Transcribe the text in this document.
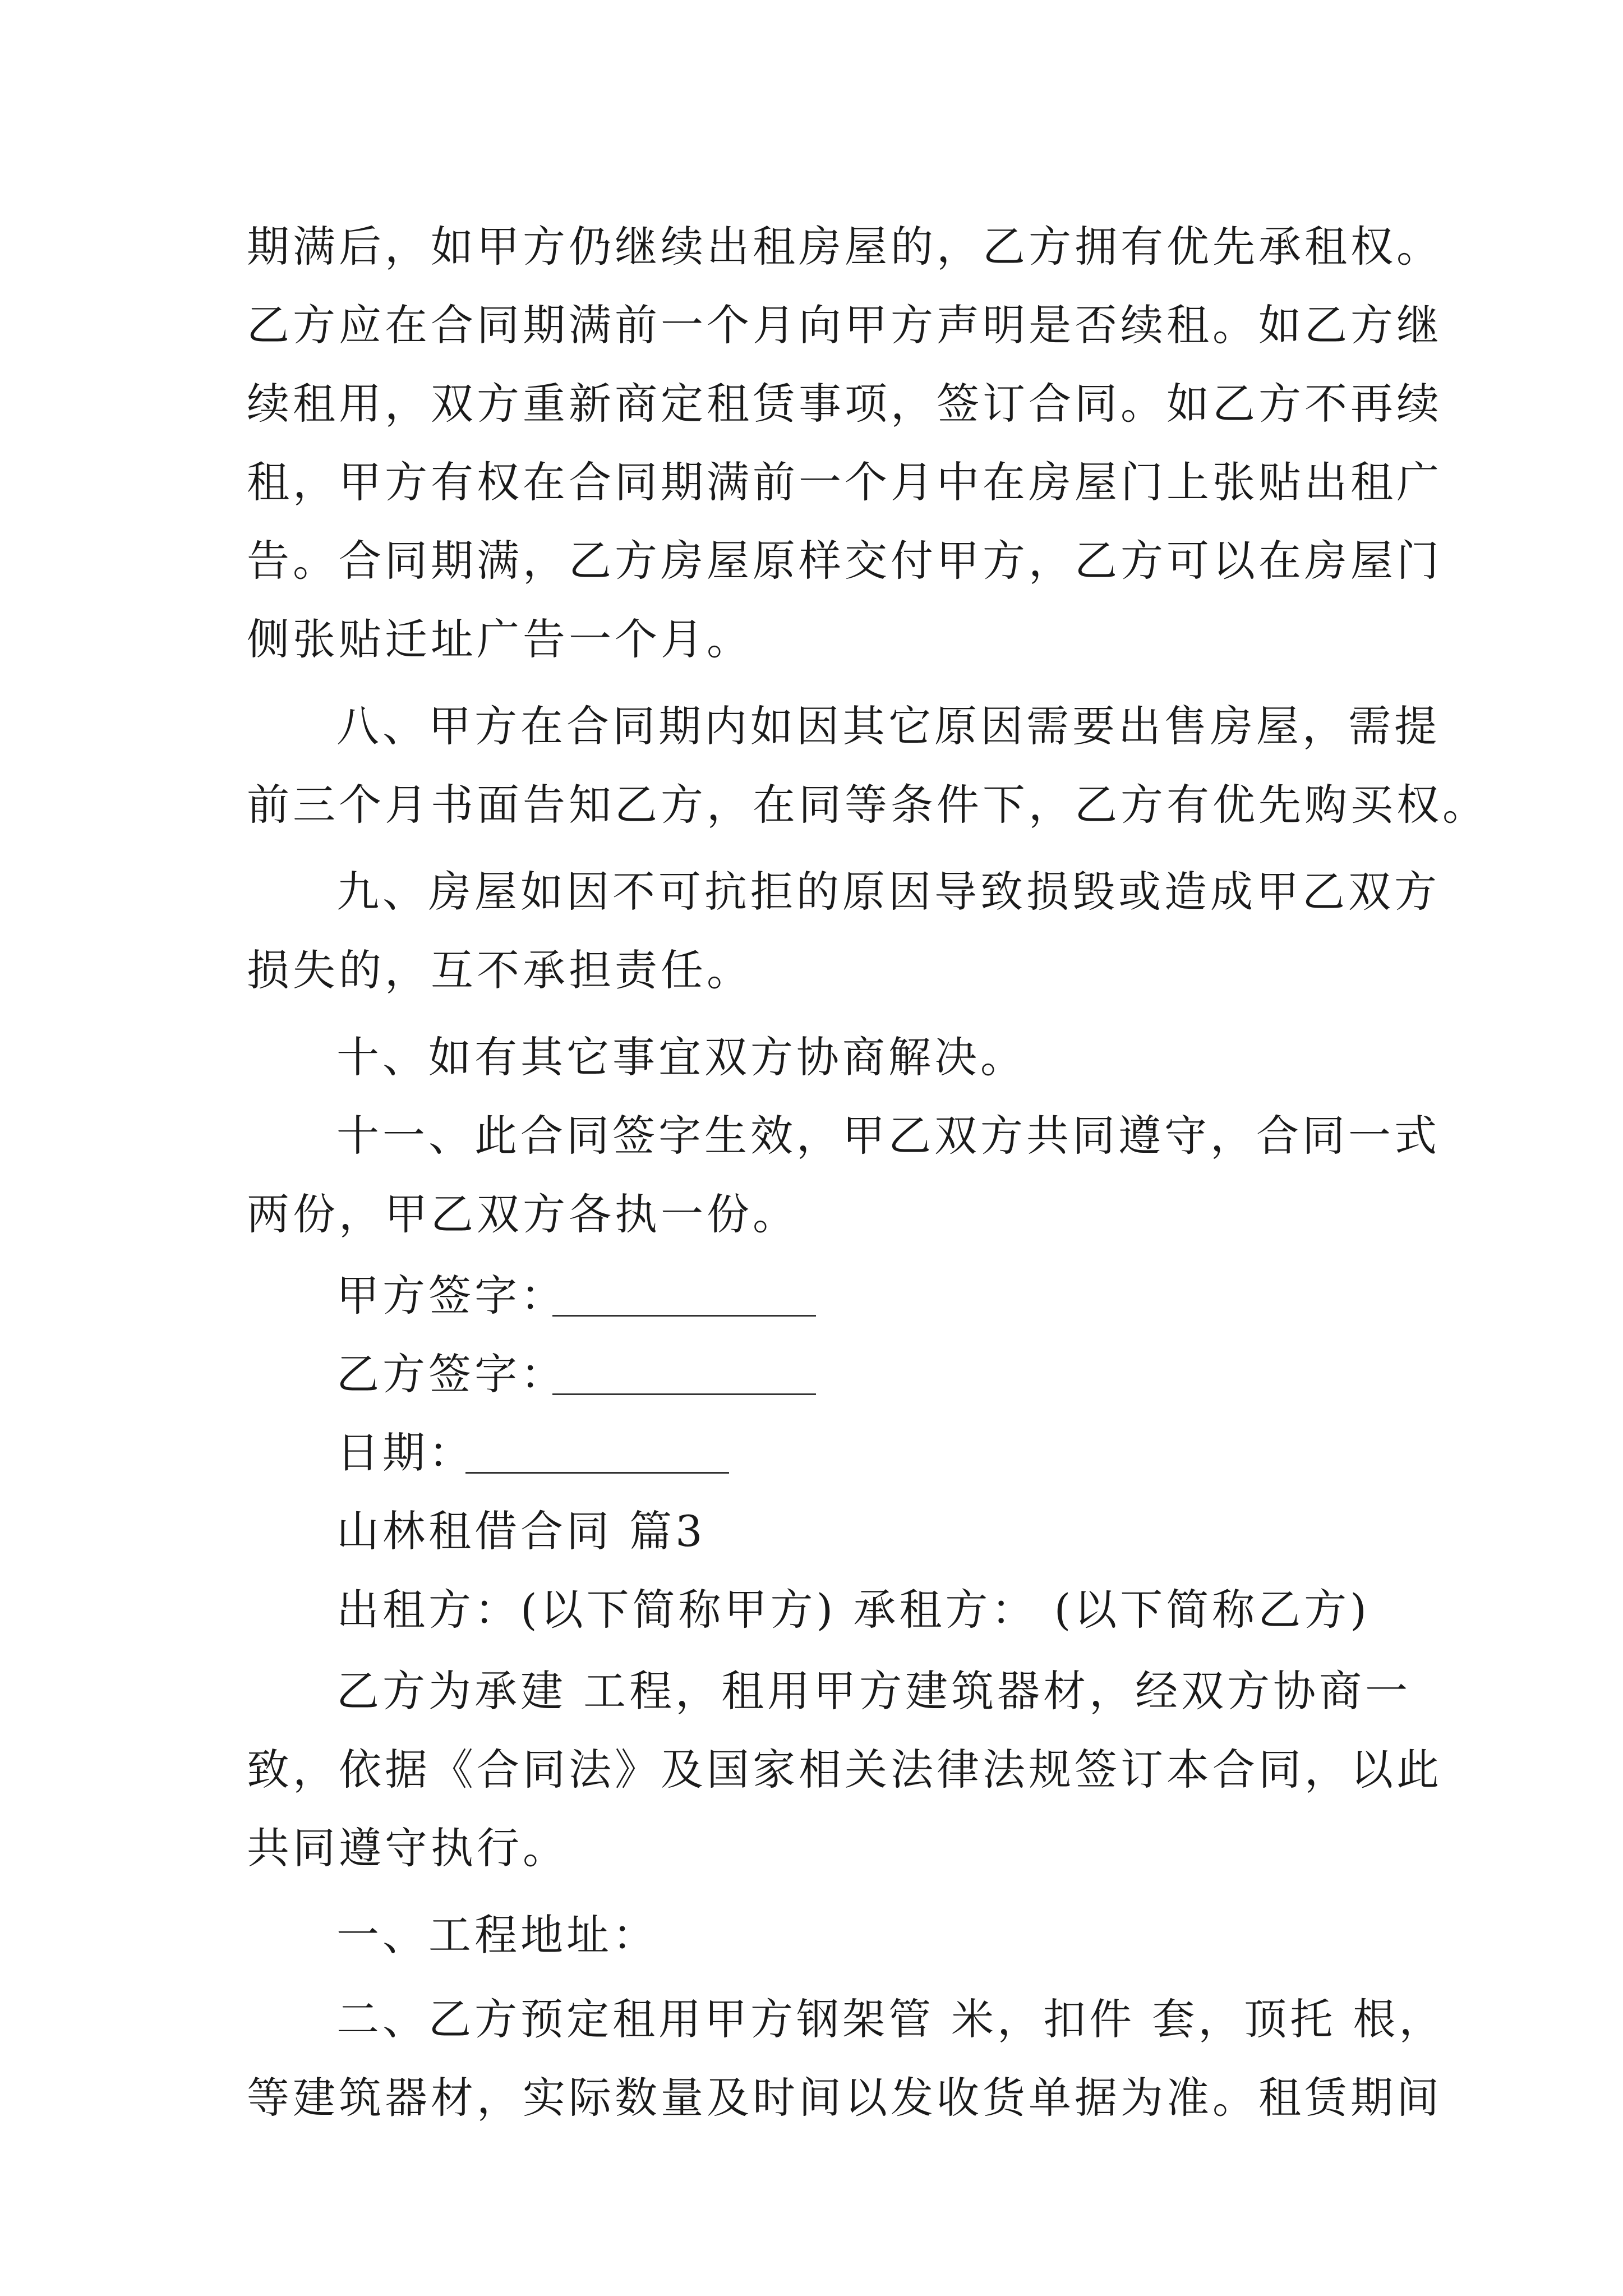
期满后，如甲方仍继续出租房屋的，乙方拥有优先承租权。
乙方应在合同期满前一个月向甲方声明是否续租。如乙方继
续租用，双方重新商定租赁事项，签订合同。如乙方不再续
租，甲方有权在合同期满前一个月中在房屋门上张贴出租广
告。合同期满，乙方房屋原样交付甲方，乙方可以在房屋门
侧张贴迁址广告一个月。
八、甲方在合同期内如因其它原因需要出售房屋，需提
前三个月书面告知乙方，在同等条件下，乙方有优先购买权。
九、房屋如因不可抗拒的原因导致损毁或造成甲乙双方
损失的，互不承担责任。
十、如有其它事宜双方协商解决。
十一、此合同签字生效，甲乙双方共同遵守，合同一式
两份，甲乙双方各执一份。
甲方签字：
乙方签字：
日期：
山林租借合同 篇3
出租方：(以下简称甲方) 承租方： (以下简称乙方)
乙方为承建 工程，租用甲方建筑器材，经双方协商一
致，依据《合同法》及国家相关法律法规签订本合同，以此
共同遵守执行。
一、工程地址：
二、乙方预定租用甲方钢架管 米，扣件 套，顶托 根，
等建筑器材，实际数量及时间以发收货单据为准。租赁期间
